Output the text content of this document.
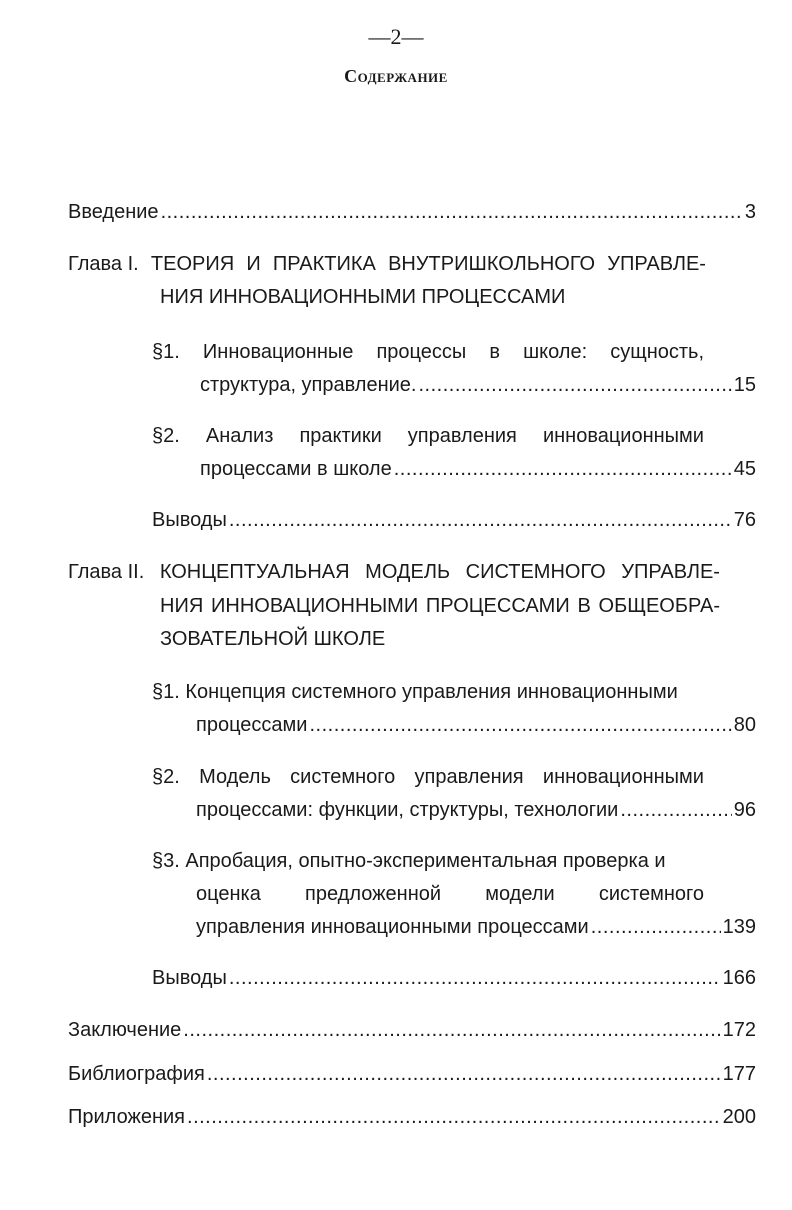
—2—
Содержание
Введение .....	3
Глава I. ТЕОРИЯ И ПРАКТИКА ВНУТРИШКОЛЬНОГО УПРАВЛЕ-
НИЯ ИННОВАЦИОННЫМИ ПРОЦЕССАМИ
§1. Инновационные процессы в школе: сущность,
структура, управление. .....	15
§2. Анализ практики управления инновационными
процессами в школе .....	45
Выводы .....	76
Глава II. КОНЦЕПТУАЛЬНАЯ МОДЕЛЬ СИСТЕМНОГО УПРАВЛЕ-
НИЯ ИННОВАЦИОННЫМИ ПРОЦЕССАМИ В ОБЩЕОБРА-
ЗОВАТЕЛЬНОЙ ШКОЛЕ
§1. Концепция системного управления инновационными
процессами .....	80
§2. Модель системного управления инновационными
процессами: функции, структуры, технологии .....	96
§3. Апробация, опытно-экспериментальная проверка и
оценка предложенной модели системного
управления инновационными процессами .....	139
Выводы .....	166
Заключение .....	172
Библиография .....	177
Приложения .....	200
